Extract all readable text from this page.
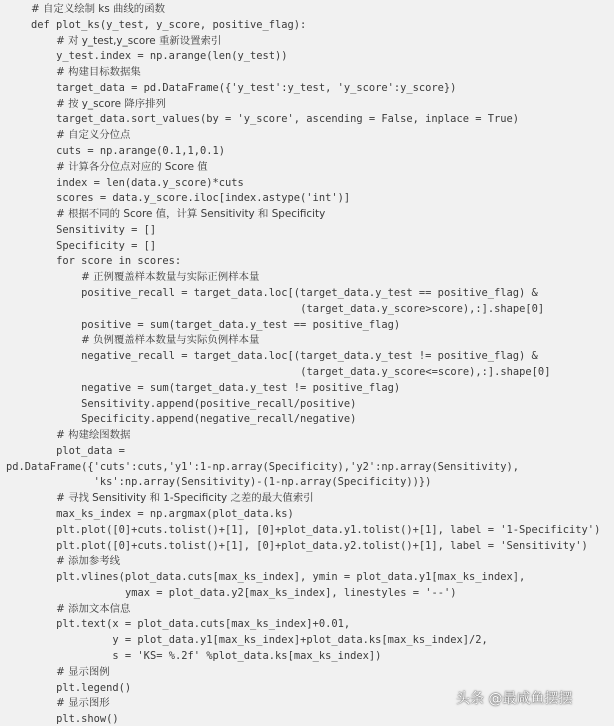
# 自定义绘制 ks 曲线的函数
def plot_ks(y_test, y_score, positive_flag):
# 对 y_test,y_score 重新设置索引
y_test.index = np.arange(len(y_test))
# 构建目标数据集
target_data = pd.DataFrame({'y_test':y_test, 'y_score':y_score})
# 按 y_score 降序排列
target_data.sort_values(by = 'y_score', ascending = False, inplace = True)
# 自定义分位点
cuts = np.arange(0.1,1,0.1)
# 计算各分位点对应的 Score 值
index = len(data.y_score)*cuts
scores = data.y_score.iloc[index.astype('int')]
# 根据不同的 Score 值，计算 Sensitivity 和 Specificity
Sensitivity = []
Specificity = []
for score in scores:
# 正例覆盖样本数量与实际正例样本量
positive_recall = target_data.loc[(target_data.y_test == positive_flag) &
(target_data.y_score>score),:].shape[0]
positive = sum(target_data.y_test == positive_flag)
# 负例覆盖样本数量与实际负例样本量
negative_recall = target_data.loc[(target_data.y_test != positive_flag) &
(target_data.y_score<=score),:].shape[0]
negative = sum(target_data.y_test != positive_flag)
Sensitivity.append(positive_recall/positive)
Specificity.append(negative_recall/negative)
# 构建绘图数据
plot_data =
pd.DataFrame({'cuts':cuts,'y1':1-np.array(Specificity),'y2':np.array(Sensitivity),
'ks':np.array(Sensitivity)-(1-np.array(Specificity))})
# 寻找 Sensitivity 和 1-Specificity 之差的最大值索引
max_ks_index = np.argmax(plot_data.ks)
plt.plot([0]+cuts.tolist()+[1], [0]+plot_data.y1.tolist()+[1], label = '1-Specificity')
plt.plot([0]+cuts.tolist()+[1], [0]+plot_data.y2.tolist()+[1], label = 'Sensitivity')
# 添加参考线
plt.vlines(plot_data.cuts[max_ks_index], ymin = plot_data.y1[max_ks_index],
ymax = plot_data.y2[max_ks_index], linestyles = '--')
# 添加文本信息
plt.text(x = plot_data.cuts[max_ks_index]+0.01,
y = plot_data.y1[max_ks_index]+plot_data.ks[max_ks_index]/2,
s = 'KS= %.2f' %plot_data.ks[max_ks_index])
# 显示图例
plt.legend()
# 显示图形
plt.show()
头条 @最咸鱼摆摆
